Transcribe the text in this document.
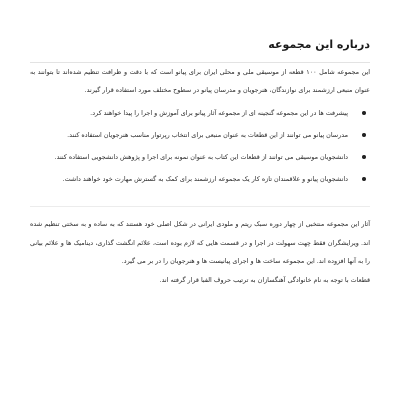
درباره این مجموعه

این مجموعه شامل ۱۰۰ قطعه از موسیقی ملی و محلی ایران برای پیانو است که با دقت و ظرافت تنظیم شده‌اند تا بتوانند به عنوان منبعی ارزشمند برای نوازندگان، هنرجویان و مدرسان پیانو در سطوح مختلف مورد استفاده قرار گیرند.

پیشرفت ها در این مجموعه گنجینه ای از مجموعه آثار پیانو برای آموزش و اجرا را پیدا خواهند کرد.
مدرسان پیانو می توانند از این قطعات به عنوان منبعی برای انتخاب رپرتوار مناسب هنرجویان استفاده کنند.
دانشجویان موسیقی می توانند از قطعات این کتاب به عنوان نمونه برای اجرا و پژوهش دانشجویی استفاده کنند.
دانشجویان پیانو و علاقمندان تازه کار یک مجموعه ارزشمند برای کمک به گسترش مهارت خود خواهند داشت.

آثار این مجموعه منتخبی از چهار دوره سبک ریتم و ملودی ایرانی در شکل اصلی خود هستند که به ساده و به سختی تنظیم شده اند. ویرایشگران فقط چهت سهولت در اجرا و در قسمت هایی که لازم بوده است، علائم انگشت گذاری، دینامیک ها و علائم بیانی را به آنها افزوده اند. این مجموعه ساخت ها و اجرای پیانیست ها و هنرجویان را در بر می گیرد.

قطعات با توجه به نام خانوادگی آهنگسازان به ترتیب حروف الفبا قرار گرفته اند.
